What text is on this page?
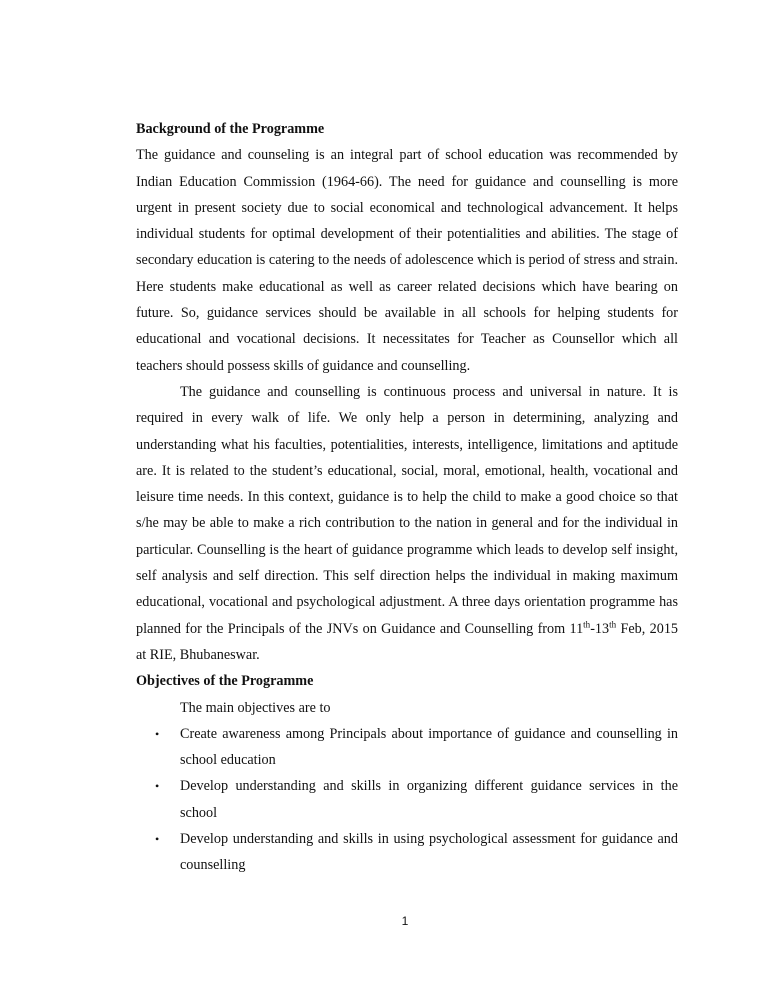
Background of the Programme

The guidance and counseling is an integral part of school education was recommended by Indian Education Commission (1964-66). The need for guidance and counselling is more urgent in present society due to social economical and technological advancement. It helps individual students for optimal development of their potentialities and abilities. The stage of secondary education is catering to the needs of adolescence which is period of stress and strain. Here students make educational as well as career related decisions which have bearing on future. So, guidance services should be available in all schools for helping students for educational and vocational decisions. It necessitates for Teacher as Counsellor which all teachers should possess skills of guidance and counselling.

The guidance and counselling is continuous process and universal in nature. It is required in every walk of life. We only help a person in determining, analyzing and understanding what his faculties, potentialities, interests, intelligence, limitations and aptitude are. It is related to the student’s educational, social, moral, emotional, health, vocational and leisure time needs. In this context, guidance is to help the child to make a good choice so that s/he may be able to make a rich contribution to the nation in general and for the individual in particular. Counselling is the heart of guidance programme which leads to develop self insight, self analysis and self direction. This self direction helps the individual in making maximum educational, vocational and psychological adjustment. A three days orientation programme has planned for the Principals of the JNVs on Guidance and Counselling from 11th-13th Feb, 2015 at RIE, Bhubaneswar.

Objectives of the Programme

The main objectives are to

• Create awareness among Principals about importance of guidance and counselling in school education
• Develop understanding and skills in organizing different guidance services in the school
• Develop understanding and skills in using psychological assessment for guidance and counselling
1
